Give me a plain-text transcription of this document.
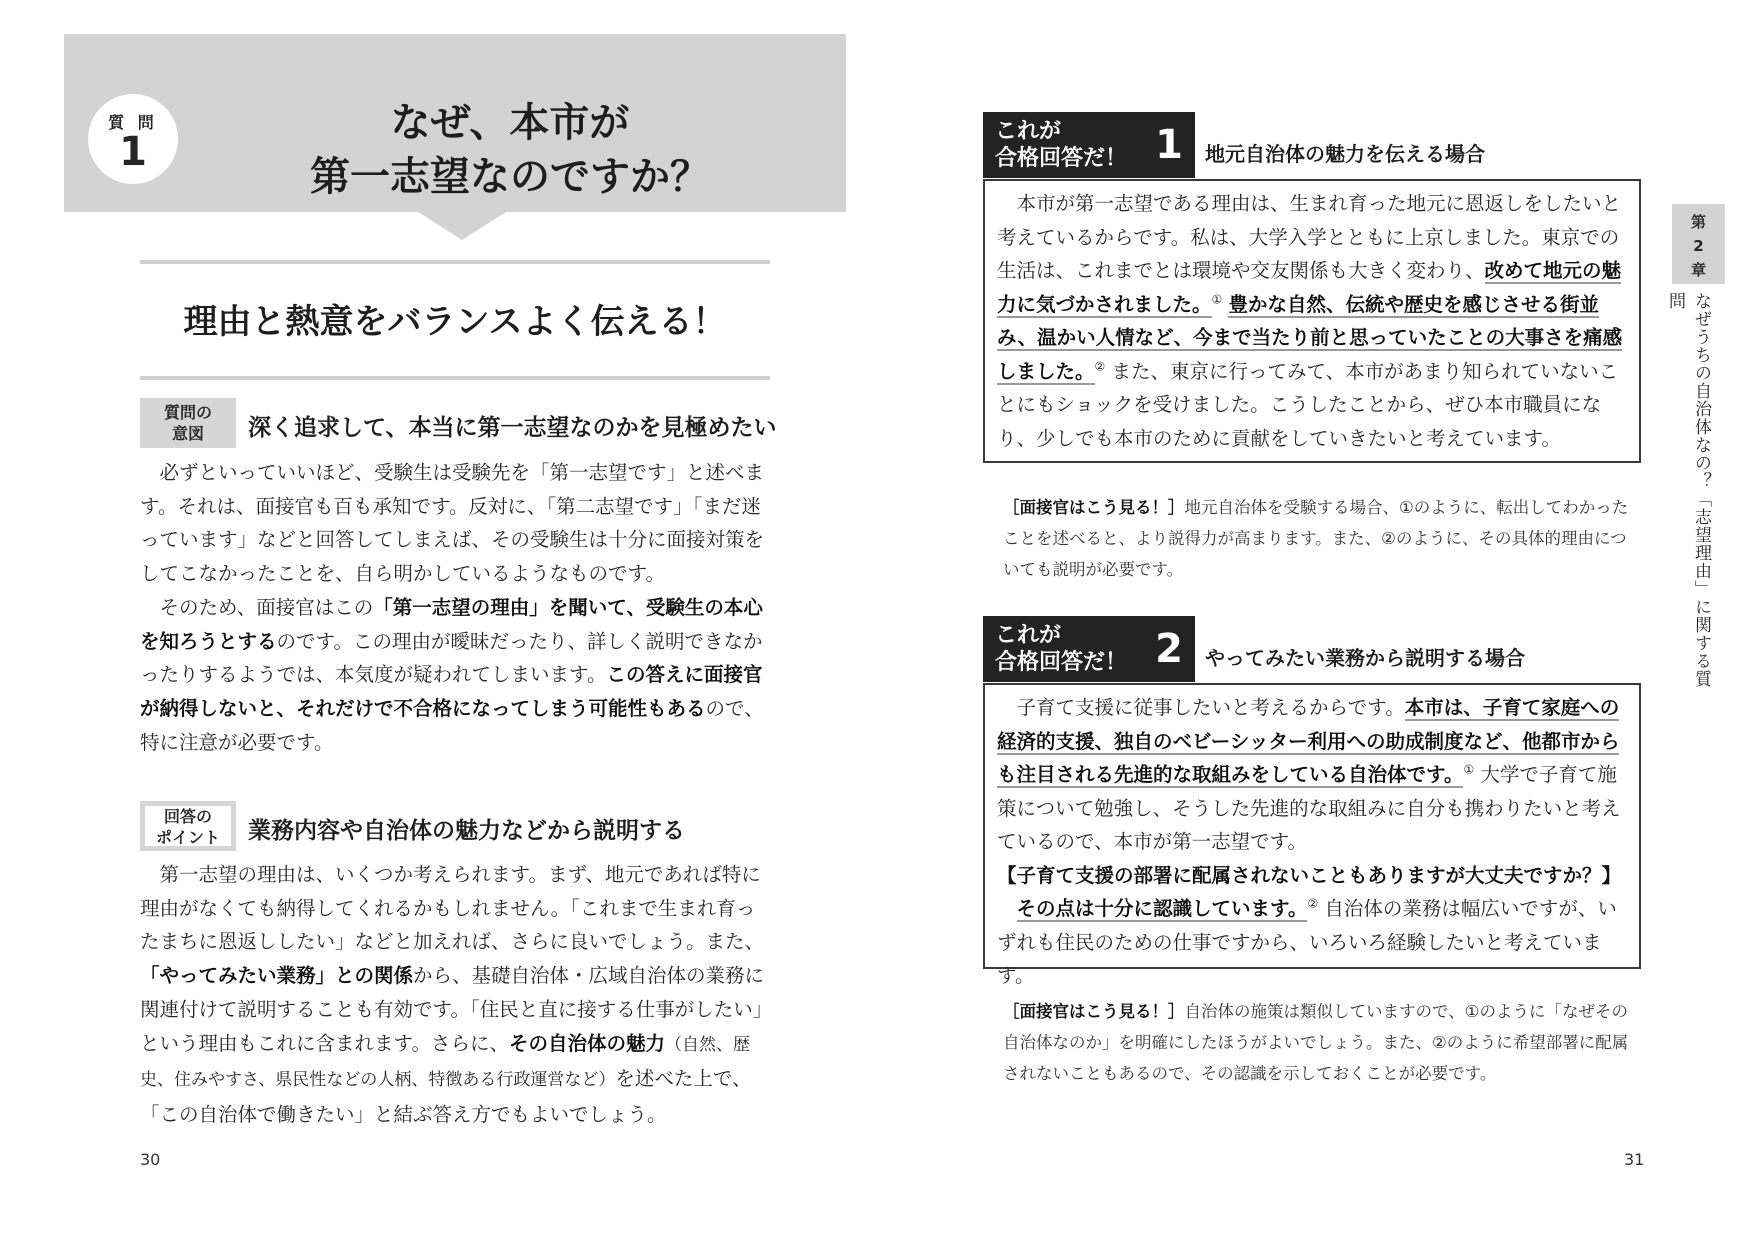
質 問
1
なぜ、本市が
第一志望なのですか？
理由と熱意をバランスよく伝える！
質問の
意図	深く追求して、本当に第一志望なのかを見極めたい

必ずといっていいほど、受験生は受験先を「第一志望です」と述べます。それは、面接官も百も承知です。反対に、「第二志望です」「まだ迷っています」などと回答してしまえば、その受験生は十分に面接対策をしてこなかったことを、自ら明かしているようなものです。

そのため、面接官はこの「第一志望の理由」を聞いて、受験生の本心を知ろうとするのです。この理由が曖昧だったり、詳しく説明できなかったりするようでは、本気度が疑われてしまいます。この答えに面接官が納得しないと、それだけで不合格になってしまう可能性もあるので、特に注意が必要です。

回答の
ポイント	業務内容や自治体の魅力などから説明する

第一志望の理由は、いくつか考えられます。まず、地元であれば特に理由がなくても納得してくれるかもしれません。「これまで生まれ育ったまちに恩返ししたい」などと加えれば、さらに良いでしょう。また、「やってみたい業務」との関係から、基礎自治体・広域自治体の業務に関連付けて説明することも有効です。「住民と直に接する仕事がしたい」という理由もこれに含まれます。さらに、その自治体の魅力（自然、歴史、住みやすさ、県民性などの人柄、特徴ある行政運営など）を述べた上で、「この自治体で働きたい」と結ぶ答え方でもよいでしょう。

30
これが
合格回答だ！ 1 地元自治体の魅力を伝える場合

本市が第一志望である理由は、生まれ育った地元に恩返しをしたいと考えているからです。私は、大学入学とともに上京しました。東京での生活は、これまでとは環境や交友関係も大きく変わり、改めて地元の魅力に気づかされました。① 豊かな自然、伝統や歴史を感じさせる街並み、温かい人情など、今まで当たり前と思っていたことの大事さを痛感しました。② また、東京に行ってみて、本市があまり知られていないことにもショックを受けました。こうしたことから、ぜひ本市職員になり、少しでも本市のために貢献をしていきたいと考えています。

［面接官はこう見る！］地元自治体を受験する場合、①のように、転出してわかったことを述べると、より説得力が高まります。また、②のように、その具体的理由についても説明が必要です。
これが
合格回答だ！ 2 やってみたい業務から説明する場合

子育て支援に従事したいと考えるからです。本市は、子育て家庭への経済的支援、独自のベビーシッター利用への助成制度など、他都市からも注目される先進的な取組みをしている自治体です。① 大学で子育て施策について勉強し、そうした先進的な取組みに自分も携わりたいと考えているので、本市が第一志望です。

【子育て支援の部署に配属されないこともありますが大丈夫ですか？】

その点は十分に認識しています。② 自治体の業務は幅広いですが、いずれも住民のための仕事ですから、いろいろ経験したいと考えています。

［面接官はこう見る！］自治体の施策は類似していますので、①のように「なぜその自治体なのか」を明確にしたほうがよいでしょう。また、②のように希望部署に配属されないこともあるので、その認識を示しておくことが必要です。
第
2
章
なぜうちの自治体なの？「志望理由」に関する質問
31
